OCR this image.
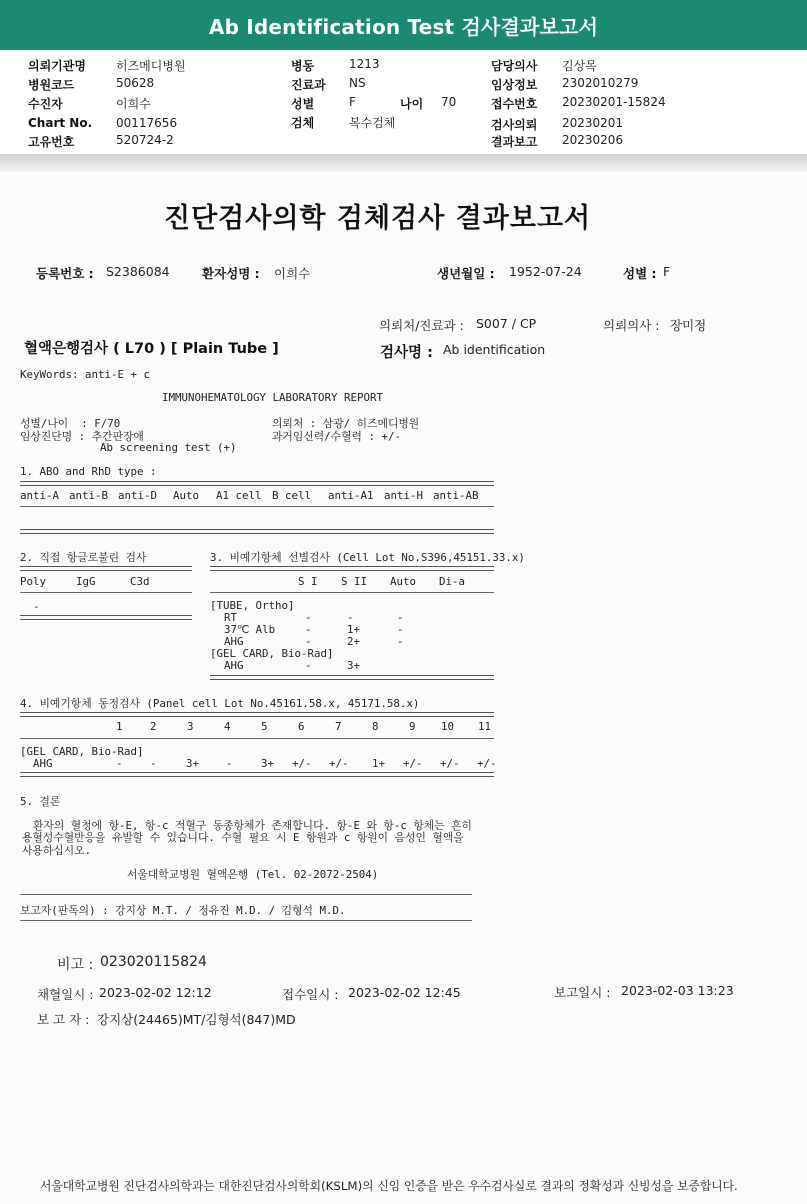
Ab Identification Test 검사결과보고서
의뢰기관명	히즈메디병원
병원코드	50628
수진자	이희수
Chart No. 00117656
고유번호	520724-2
병동	1213
진료과 NS
성별	F	나이 70
검체	복수검체
담당의사 김상목
임상정보 2302010279
접수번호 20230201-15824
검사의뢰 20230201
결과보고 20230206
진단검사의학 검체검사 결과보고서
등록번호 : S2386084	환자성명 : 이희수	생년월일 : 1952-07-24	성별 : F
의뢰처/진료과 : S007 / CP	의뢰의사 : 장미정
혈액은행검사 ( L70 ) [ Plain Tube ]	검사명 : Ab identification
KeyWords: anti-E + c
IMMUNOHEMATOLOGY LABORATORY REPORT
성별/나이  : F/70	의뢰처 : 삼광/ 히즈메디병원
임상진단명 : 추간판장애	과거임신력/수혈력 : +/-
Ab screening test (+)
1. ABO and RhD type :
anti-A anti-B anti-D Auto A1 cell B cell anti-A1 anti-H anti-AB
2. 직접 항글로불린 검사
Poly	IgG	C3d
-
3. 비예기항체 선별검사 (Cell Lot No.S396,45151.33.x)
S I S II Auto Di-a
[TUBE, Ortho]
RT	-	-	-
37℃ Alb	-	1+	-
AHG	-	2+	-
[GEL CARD, Bio-Rad]
AHG	-	3+
4. 비예기항체 동정검사 (Panel cell Lot No.45161.58.x, 45171.58.x)
1	2	3	4	5	6	7	8	9 10 11
[GEL CARD, Bio-Rad]
AHG	-	-	3+ -	3+ +/- +/- 1+ +/- +/- +/-
5. 결론
환자의 혈청에 항-E, 항-c 적혈구 동종항체가 존재합니다. 항-E 와 항-c 항체는 흔히
용혈성수혈반응을 유발할 수 있습니다. 수혈 필요 시 E 항원과 c 항원이 음성인 혈액을
사용하십시오.
서울대학교병원 혈액은행 (Tel. 02-2072-2504)
보고자(판독의) : 강지상 M.T. / 정유진 M.D. / 김형석 M.D.
비고 : 023020115824
채혈일시 : 2023-02-02 12:12	접수일시 : 2023-02-02 12:45	보고일시 : 2023-02-03 13:23
보 고 자 : 강지상(24465)MT/김형석(847)MD
서울대학교병원 진단검사의학과는 대한진단검사의학회(KSLM)의 신임 인증을 받은 우수검사실로 결과의 정확성과 신빙성을 보증합니다.
